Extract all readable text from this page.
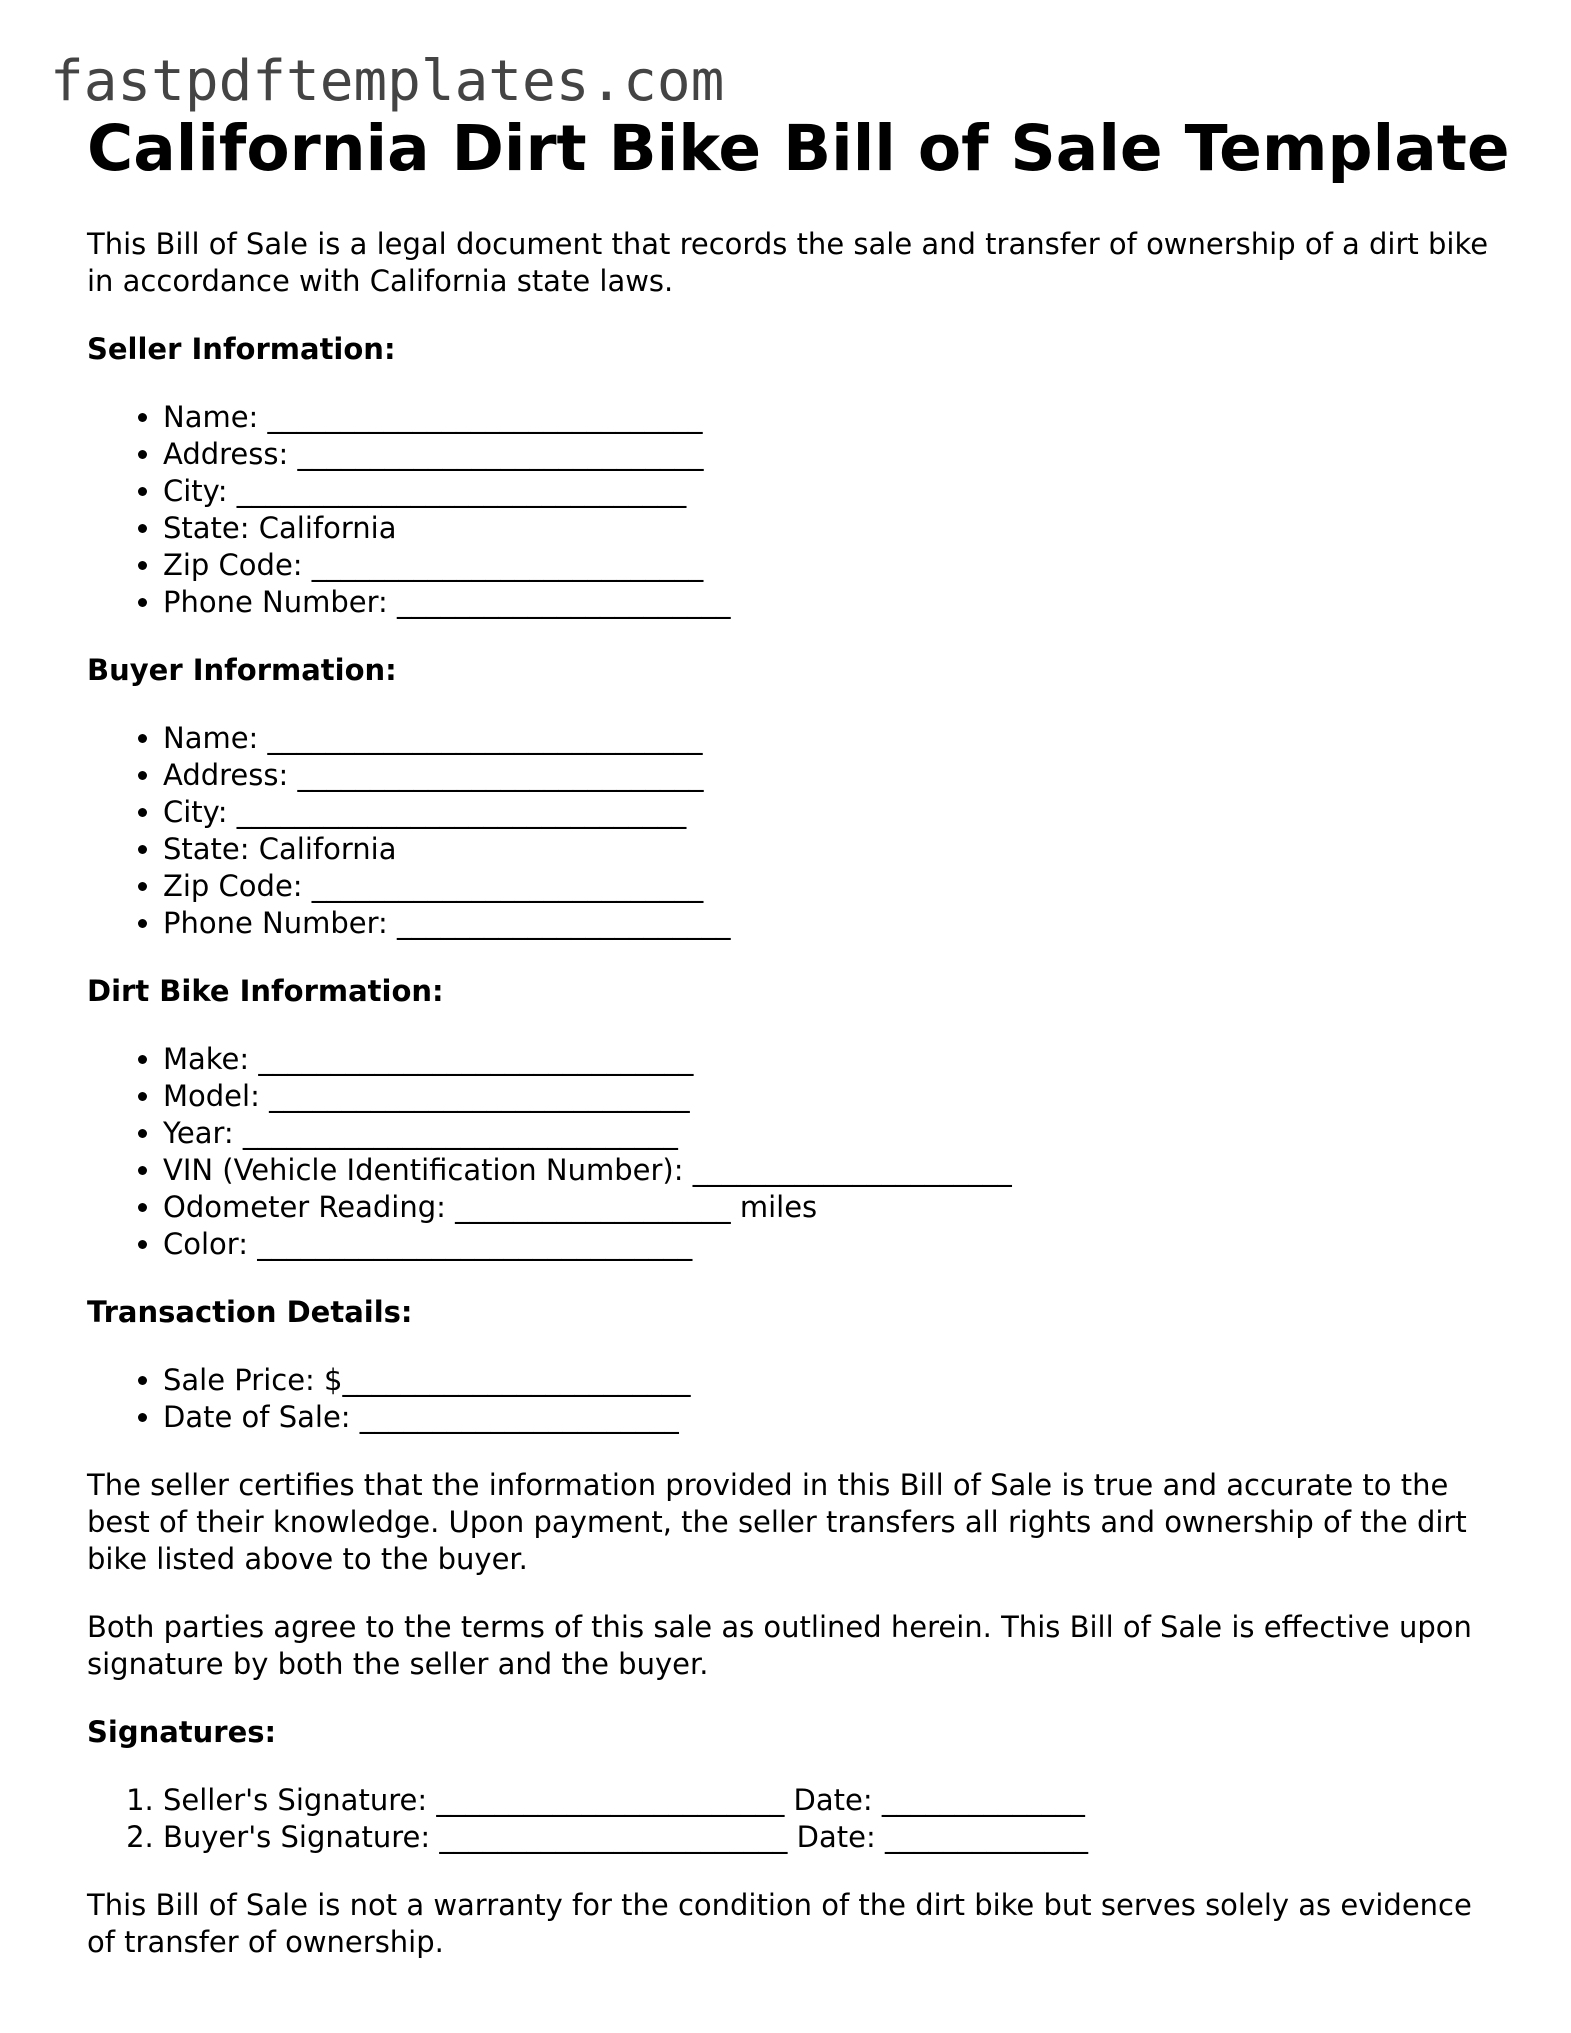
fastpdftemplates.com
California Dirt Bike Bill of Sale Template

This Bill of Sale is a legal document that records the sale and transfer of ownership of a dirt bike in accordance with California state laws.

Seller Information:
• Name: ______________________________
• Address: ____________________________
• City: _______________________________
• State: California
• Zip Code: ___________________________
• Phone Number: _______________________
Buyer Information:
• Name: ______________________________
• Address: ____________________________
• City: _______________________________
• State: California
• Zip Code: ___________________________
• Phone Number: _______________________
Dirt Bike Information:
• Make: ______________________________
• Model: _____________________________
• Year: ______________________________
• VIN (Vehicle Identification Number): ______________________
• Odometer Reading: ___________________ miles
• Color: ______________________________
Transaction Details:
• Sale Price: $________________________
• Date of Sale: ______________________

The seller certifies that the information provided in this Bill of Sale is true and accurate to the best of their knowledge. Upon payment, the seller transfers all rights and ownership of the dirt bike listed above to the buyer.

Both parties agree to the terms of this sale as outlined herein. This Bill of Sale is effective upon signature by both the seller and the buyer.

Signatures:
1. Seller's Signature: ________________________ Date: ______________
2. Buyer's Signature: ________________________ Date: ______________

This Bill of Sale is not a warranty for the condition of the dirt bike but serves solely as evidence of transfer of ownership.
